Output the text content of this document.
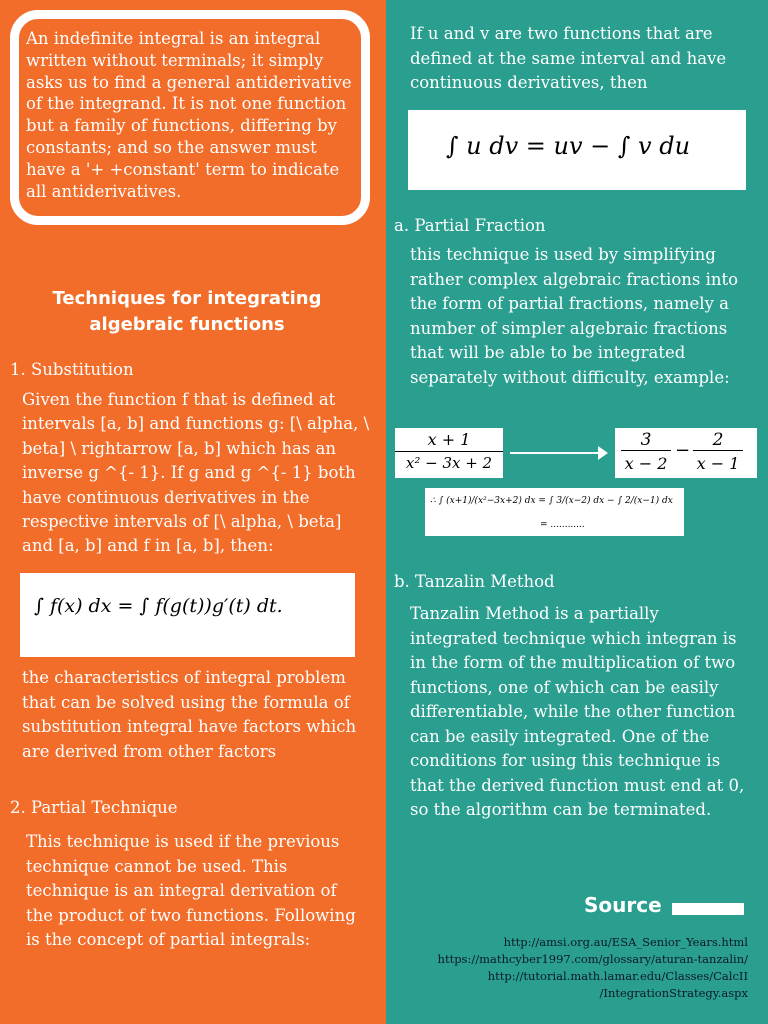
An indefinite integral is an integral written without terminals; it simply asks us to find a general antiderivative of the integrand. It is not one function but a family of functions, differing by constants; and so the answer must have a '+ +constant' term to indicate all antiderivatives.
Techniques for integrating algebraic functions
1. Substitution
Given the function f that is defined at intervals [a, b] and functions g: [\ alpha, \ beta] \ rightarrow [a, b] which has an inverse g ^{- 1}. If g and g ^{- 1} both have continuous derivatives in the respective intervals of [\ alpha, \ beta] and [a, b] and f in [a, b], then:
∫ f(x) dx = ∫ f(g(t))g′(t) dt.
the characteristics of integral problem that can be solved using the formula of substitution integral have factors which are derived from other factors
2. Partial Technique
This technique is used if the previous technique cannot be used. This technique is an integral derivation of the product of two functions. Following is the concept of partial integrals:
If u and v are two functions that are defined at the same interval and have continuous derivatives, then
∫ u dv = uv − ∫ v du
a. Partial Fraction
this technique is used by simplifying rather complex algebraic fractions into the form of partial fractions, namely a number of simpler algebraic fractions that will be able to be integrated separately without difficulty, example:
$\frac{x + 1}{\text{x² − 3x + 2}}$	3
x − 2
−	2
x − 1
∴ ∫ (x+1)/(x²−3x+2) dx = ∫ 3/(x−2) dx − ∫ 2/(x−1) dx
= ............
b. Tanzalin Method
Tanzalin Method is a partially integrated technique which integran is in the form of the multiplication of two functions, one of which can be easily differentiable, while the other function can be easily integrated. One of the conditions for using this technique is that the derived function must end at 0, so the algorithm can be terminated.
Source
http://amsi.org.au/ESA_Senior_Years.html
https://mathcyber1997.com/glossary/aturan-tanzalin/
http://tutorial.math.lamar.edu/Classes/CalcII
/IntegrationStrategy.aspx
